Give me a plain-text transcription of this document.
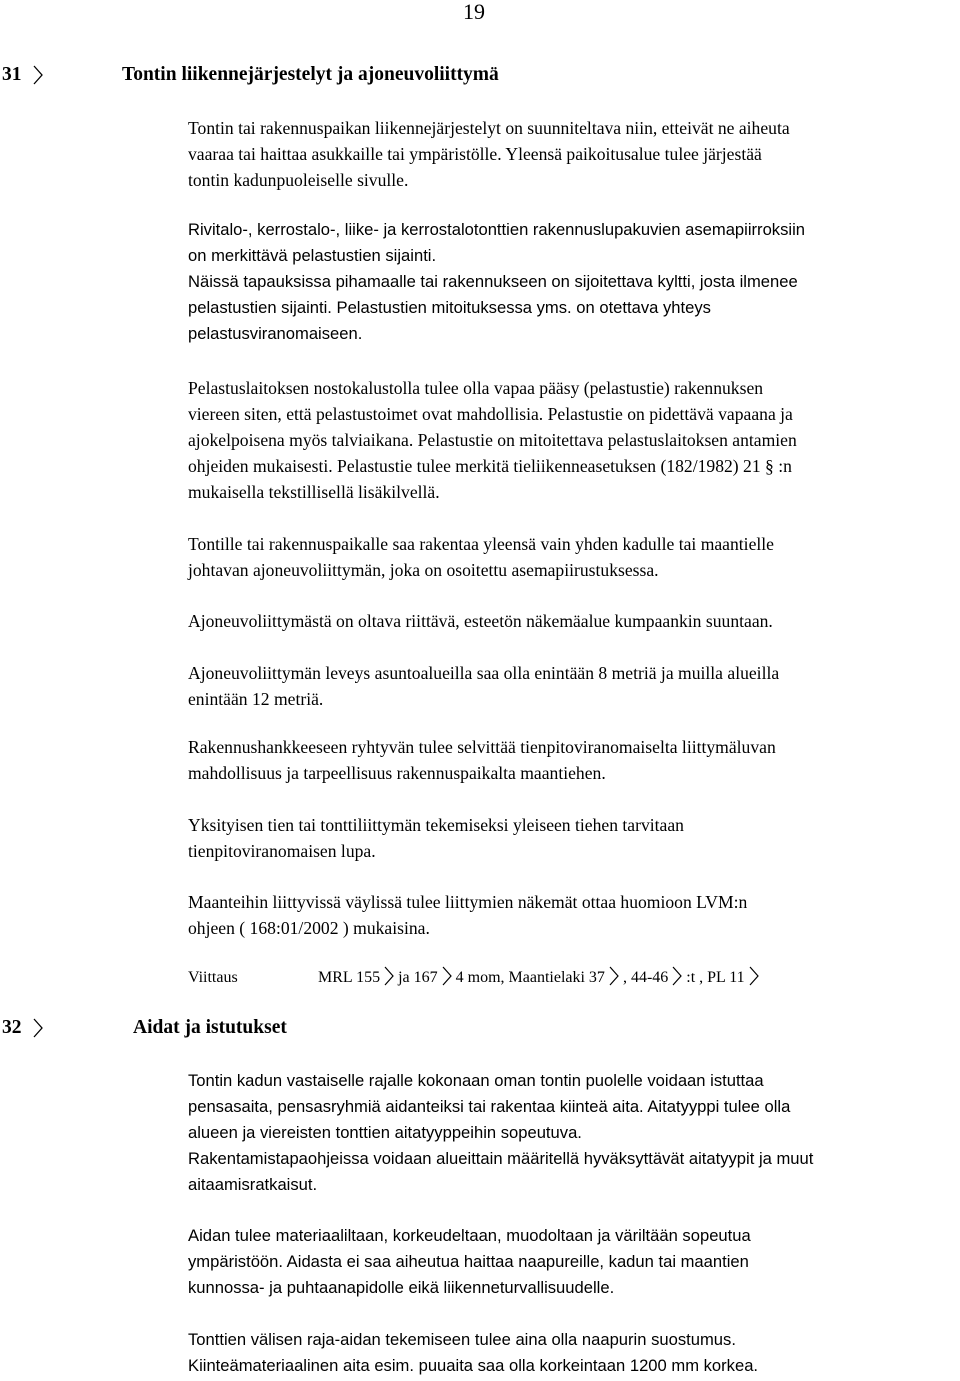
19
31	Tontin liikennejärjestelyt ja ajoneuvoliittymä
Tontin tai rakennuspaikan liikennejärjestelyt on suunniteltava niin, etteivät ne aiheuta
vaaraa tai haittaa asukkaille tai ympäristölle. Yleensä paikoitusalue tulee järjestää
tontin kadunpuoleiselle sivulle.
Rivitalo-, kerrostalo-, liike- ja kerrostalotonttien rakennuslupakuvien asemapiirroksiin
on merkittävä pelastustien sijainti.
Näissä tapauksissa pihamaalle tai rakennukseen on sijoitettava kyltti, josta ilmenee
pelastustien sijainti. Pelastustien mitoituksessa yms. on otettava yhteys
pelastusviranomaiseen.
Pelastuslaitoksen nostokalustolla tulee olla vapaa pääsy (pelastustie) rakennuksen
viereen siten, että pelastustoimet ovat mahdollisia. Pelastustie on pidettävä vapaana ja
ajokelpoisena myös talviaikana. Pelastustie on mitoitettava pelastuslaitoksen antamien
ohjeiden mukaisesti. Pelastustie tulee merkitä tieliikenneasetuksen (182/1982) 21 § :n
mukaisella tekstillisellä lisäkilvellä.
Tontille tai rakennuspaikalle saa rakentaa yleensä vain yhden kadulle tai maantielle
johtavan ajoneuvoliittymän, joka on osoitettu asemapiirustuksessa.
Ajoneuvoliittymästä on oltava riittävä, esteetön näkemäalue kumpaankin suuntaan.
Ajoneuvoliittymän leveys asuntoalueilla saa olla enintään 8 metriä ja muilla alueilla
enintään 12 metriä.
Rakennushankkeeseen ryhtyvän tulee selvittää tienpitoviranomaiselta liittymäluvan
mahdollisuus ja tarpeellisuus rakennuspaikalta maantiehen.
Yksityisen tien tai tonttiliittymän tekemiseksi yleiseen tiehen tarvitaan
tienpitoviranomaisen lupa.
Maanteihin liittyvissä väylissä tulee liittymien näkemät ottaa huomioon LVM:n
ohjeen ( 168:01/2002 ) mukaisina.
Viittaus	MRL 155 ja 167 4 mom, Maantielaki 37 , 44-46 :t , PL 11
32	Aidat ja istutukset
Tontin kadun vastaiselle rajalle kokonaan oman tontin puolelle voidaan istuttaa
pensasaita, pensasryhmiä aidanteiksi tai rakentaa kiinteä aita. Aitatyyppi tulee olla
alueen ja viereisten tonttien aitatyyppeihin sopeutuva.
Rakentamistapaohjeissa voidaan alueittain määritellä hyväksyttävät aitatyypit ja muut
aitaamisratkaisut.
Aidan tulee materiaaliltaan, korkeudeltaan, muodoltaan ja väriltään sopeutua
ympäristöön. Aidasta ei saa aiheutua haittaa naapureille, kadun tai maantien
kunnossa- ja puhtaanapidolle eikä liikenneturvallisuudelle.
Tonttien välisen raja-aidan tekemiseen tulee aina olla naapurin suostumus.
Kiinteämateriaalinen aita esim. puuaita saa olla korkeintaan 1200 mm korkea.
